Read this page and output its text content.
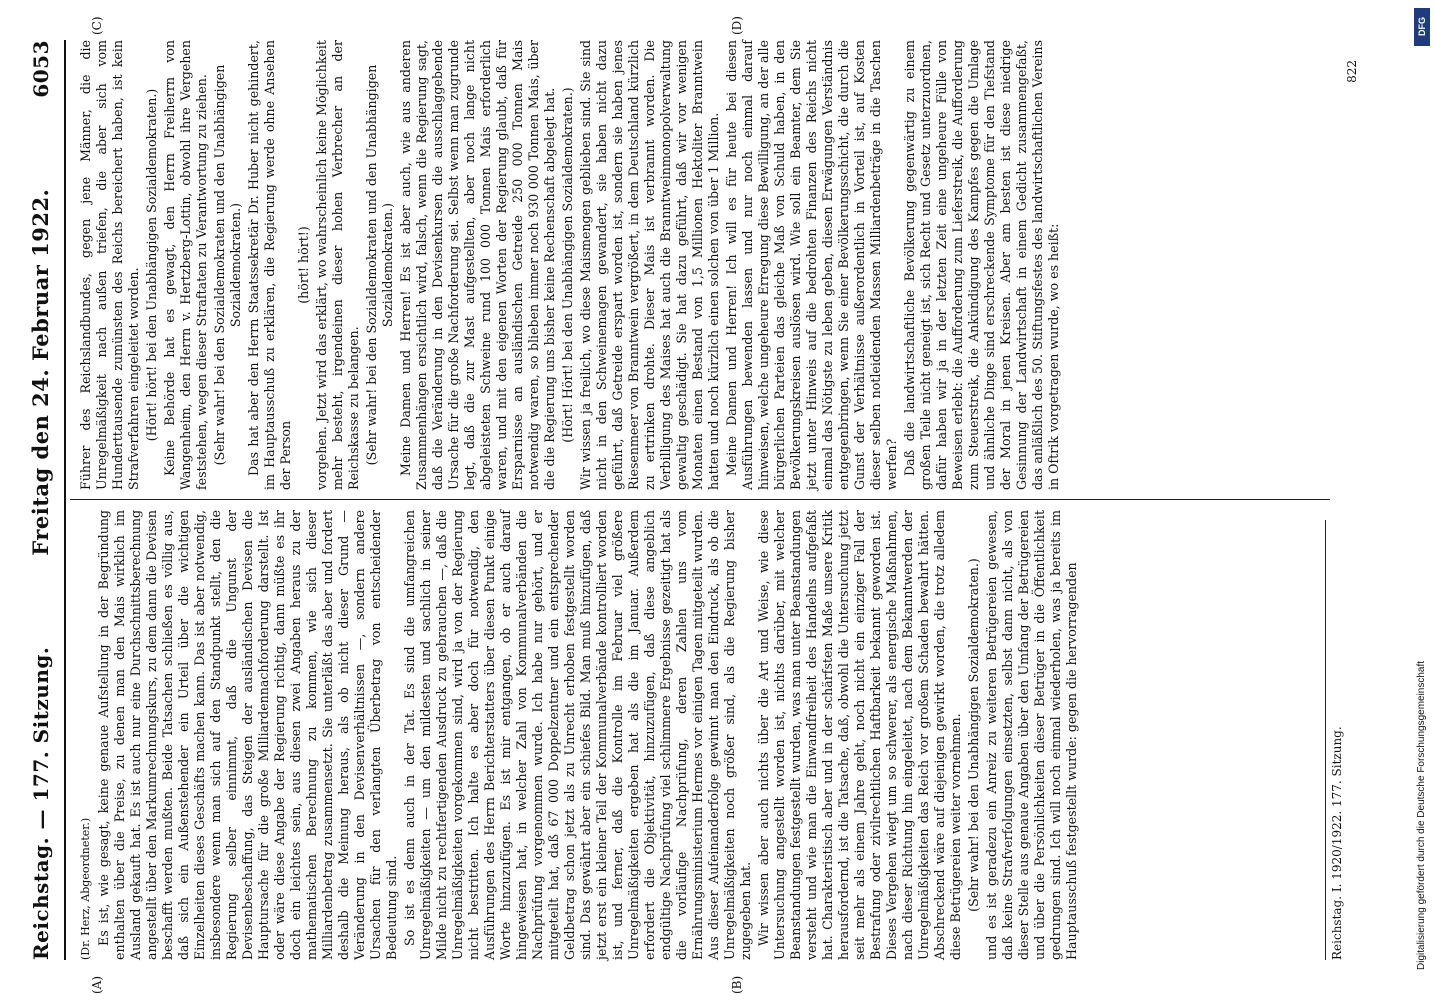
Reichstag. — 177. Sitzung.
Freitag den 24. Februar 1922.
6053
(A)	(B)
(C)	(D)

(Dr. Herz, Abgeordneter.) Es ist, wie gesagt, keine genaue Aufstellung in der Begründung enthalten über die Preise, zu denen man den Mais wirklich im Ausland gekauft hat. Es ist auch nur eine Durchschnittsberechnung angestellt über den Markumrechnungskurs, zu dem dann die Devisen beschafft werden mußten. Beide Tatsachen schließen es völlig aus, daß sich ein Außenstehender ein Urteil über die wichtigen Einzelheiten dieses Geschäfts machen kann. Das ist aber notwendig, insbesondere wenn man sich auf den Standpunkt stellt, den die Regierung selber einnimmt, daß die Ungunst der Devisenbeschaffung, das Steigen der ausländischen Devisen die Hauptursache für die große Milliardennachforderung darstellt. Ist oder wäre diese Angabe der Regierung richtig, dann müßte es ihr doch ein leichtes sein, aus diesen zwei Angaben heraus zu der mathematischen Berechnung zu kommen, wie sich dieser Milliardenbetrag zusammensetzt. Sie unterläßt das aber und fordert deshalb die Meinung heraus, als ob nicht dieser Grund — Veränderung in den Devisenverhältnissen —, sondern andere Ursachen für den verlangten Überbetrag von entscheidender Bedeutung sind. So ist es denn auch in der Tat. Es sind die umfangreichen Unregelmäßigkeiten — um den mildesten und sachlich in seiner Milde nicht zu rechtfertigenden Ausdruck zu gebrauchen —, daß die Unregelmäßigkeiten vorgekommen sind, wird ja von der Regierung nicht bestritten. Ich halte es aber doch für notwendig, den Ausführungen des Herrn Berichterstatters über diesen Punkt einige Worte hinzuzufügen. Es ist mir entgangen, ob er auch darauf hingewiesen hat, in welcher Zahl von Kommunalverbänden die Nachprüfung vorgenommen wurde. Ich habe nur gehört, und er mitgeteilt hat, daß 67 000 Doppelzentner und ein entsprechender Geldbetrag schon jetzt als zu Unrecht erhoben festgestellt worden sind. Das gewährt aber ein schiefes Bild. Man muß hinzufügen, daß jetzt erst ein kleiner Teil der Kommunalverbände kontrolliert worden ist, und ferner, daß die Kontrolle im Februar viel größere Unregelmäßigkeiten ergeben hat als die im Januar. Außerdem erfordert die Objektivität, hinzuzufügen, daß diese angeblich endgültige Nachprüfung viel schlimmere Ergebnisse gezeitigt hat als die vorläufige Nachprüfung, deren Zahlen uns vom Ernährungsministerium Hermes vor einigen Tagen mitgeteilt wurden. Aus dieser Aufeinanderfolge gewinnt man den Eindruck, als ob die Unregelmäßigkeiten noch größer sind, als die Regierung bisher zugegeben hat. Wir wissen aber auch nichts über die Art und Weise, wie diese Untersuchung angestellt worden ist, nichts darüber, mit welcher Beanstandungen festgestellt wurden, was man unter Beanstandungen versteht und wie man die Einwandfreiheit des Handelns aufgefaßt hat. Charakteristisch aber und in der schärfsten Maße unsere Kritik herausfordernd, ist die Tatsache, daß, obwohl die Untersuchung jetzt seit mehr als einem Jahre geht, noch nicht ein einziger Fall der Bestrafung oder zivilrechtlichen Haftbarkeit bekannt geworden ist. Dieses Vergehen wiegt um so schwerer, als energische Maßnahmen, nach dieser Richtung hin eingeleitet, nach dem Bekanntwerden der Unregelmäßigkeiten das Reich vor großem Schaden bewahrt hätten. Abschreckend wäre auf diejenigen gewirkt worden, die trotz alledem diese Betrügereien weiter vornehmen. (Sehr wahr! bei den Unabhängigen Sozialdemokraten.) und es ist geradezu ein Anreiz zu weiteren Betrügereien gewesen, daß keine Strafverfolgungen einsetzten, selbst dann nicht, als von dieser Stelle aus genaue Angaben über den Umfang der Betrügereien und über die Persönlichkeiten dieser Betrüger in die Öffentlichkeit gedrungen sind. Ich will noch einmal wiederholen, was ja bereits im Hauptausschuß festgestellt wurde: gegen die hervorragenden

Führer des Reichslandbundes, gegen jene Männer, die die Unregelmäßigkeit nach außen triefen, die aber sich vom Hunderttausende zumünsten des Reichs bereichert haben, ist kein Strafverfahren eingeleitet worden. (Hört! hört! bei den Unabhängigen Sozialdemokraten.) Keine Behörde hat es gewagt, den Herrn Freiherrn von Wangenheim, den Herrn v. Hertzberg-Lottin, obwohl ihre Vergehen feststehen, wegen dieser Straftaten zu Verantwortung zu ziehen. (Sehr wahr! bei den Sozialdemokraten und den Unabhängigen Sozialdemokraten.) Das hat aber den Herrn Staatssekretär Dr. Huber nicht gehindert, im Hauptausschuß zu erklären, die Regierung werde ohne Ansehen der Person

(hört! hört!) vorgehen. Jetzt wird das erklärt, wo wahrscheinlich keine Möglichkeit mehr besteht, irgendeinen dieser hohen Verbrecher an der Reichskasse zu belangen. (Sehr wahr! bei den Sozialdemokraten und den Unabhängigen Sozialdemokraten.) Meine Damen und Herren! Es ist aber auch, wie aus anderen Zusammenhängen ersichtlich wird, falsch, wenn die Regierung sagt, daß die Veränderung in den Devisenkursen die ausschlaggebende Ursache für die große Nachforderung sei. Selbst wenn man zugrunde legt, daß die zur Mast aufgestellten, aber noch lange nicht abgeleisteten Schweine rund 100 000 Tonnen Mais erforderlich waren, und mit den eigenen Worten der Regierung glaubt, daß für Ersparnisse an ausländischen Getreide 250 000 Tonnen Mais notwendig waren, so blieben immer noch 930 000 Tonnen Mais, über die die Regierung uns bisher keine Rechenschaft abgelegt hat. (Hört! Hört! bei den Unabhängigen Sozialdemokraten.) Wir wissen ja freilich, wo diese Maismengen geblieben sind. Sie sind nicht in den Schweinemagen gewandert, sie haben nicht dazu geführt, daß Getreide erspart worden ist, sondern sie haben jenes Riesenmeer von Branntwein vergrößert, in dem Deutschland kürzlich zu ertrinken drohte. Dieser Mais ist verbrannt worden. Die Verbilligung des Maises hat auch die Branntweinmonopolverwaltung gewaltig geschädigt. Sie hat dazu geführt, daß wir vor wenigen Monaten einen Bestand von 1,5 Millionen Hektoliter Branntwein hatten und noch kürzlich einen solchen von über 1 Million. Meine Damen und Herren! Ich will es für heute bei diesen Ausführungen bewenden lassen und nur noch einmal darauf hinweisen, welche ungeheure Erregung diese Bewilligung, an der alle bürgerlichen Parteien das gleiche Maß von Schuld haben, in den Bevölkerungskreisen auslösen wird. Wie soll ein Beamter, dem Sie jetzt unter Hinweis auf die bedrohten Finanzen des Reichs nicht einmal das Nötigste zu leben geben, diesen Erwägungen Verständnis entgegenbringen, wenn Sie einer Bevölkerungsschicht, die durch die Gunst der Verhältnisse außerordentlich in Vorteil ist, auf Kosten dieser selben notleidenden Massen Milliardenbeträge in die Taschen werfen? Daß die landwirtschaftliche Bevölkerung gegenwärtig zu einem großen Teile nicht geneigt ist, sich Recht und Gesetz unterzuordnen, dafür haben wir ja in der letzten Zeit eine ungeheure Fülle von Beweisen erlebt: die Aufforderung zum Lieferstreik, die Aufforderung zum Steuerstreik, die Ankündigung des Kampfes gegen die Umlage und ähnliche Dinge sind erschreckende Symptome für den Tiefstand der Moral in jenen Kreisen. Aber am besten ist diese niedrige Gesinnung der Landwirtschaft in einem Gedicht zusammengefaßt, das anläßlich des 50. Stiftungsfestes des landwirtschaftlichen Vereins in Oftrik vorgetragen wurde, wo es heißt:

Reichstag. I. 1920/1922. 177. Sitzung.
822
DFG
Digitalisierung gefördert durch die Deutsche Forschungsgemeinschaft
